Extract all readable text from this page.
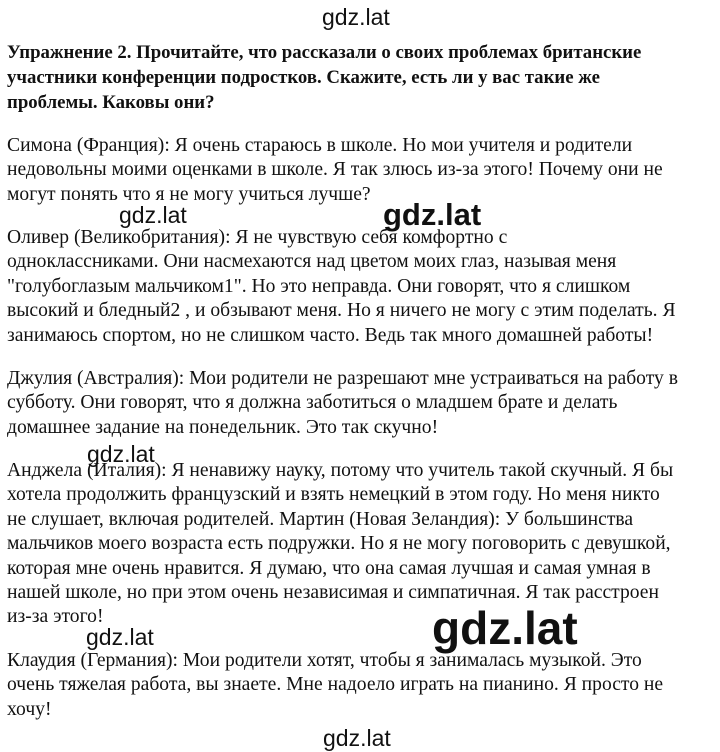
gdz.lat
gdz.lat	gdz.lat
gdz.lat
gdz.lat	gdz.lat
gdz.lat
Упражнение 2. Прочитайте, что рассказали о своих проблемах британские
участники конференции подростков. Скажите, есть ли у вас такие же
проблемы. Каковы они?
Симона (Франция): Я очень стараюсь в школе. Но мои учителя и родители
недовольны моими оценками в школе. Я так злюсь из-за этого! Почему они не
могут понять что я не могу учиться лучше?
Оливер (Великобритания): Я не чувствую себя комфортно с
одноклассниками. Они насмехаются над цветом моих глаз, называя меня
"голубоглазым мальчиком1". Но это неправда. Они говорят, что я слишком
высокий и бледный2 , и обзывают меня. Но я ничего не могу с этим поделать. Я
занимаюсь спортом, но не слишком часто. Ведь так много домашней работы!
Джулия (Австралия): Мои родители не разрешают мне устраиваться на работу в
субботу. Они говорят, что я должна заботиться о младшем брате и делать
домашнее задание на понедельник. Это так скучно!
Анджела (Италия): Я ненавижу науку, потому что учитель такой скучный. Я бы
хотела продолжить французский и взять немецкий в этом году. Но меня никто
не слушает, включая родителей. Мартин (Новая Зеландия): У большинства
мальчиков моего возраста есть подружки. Но я не могу поговорить с девушкой,
которая мне очень нравится. Я думаю, что она самая лучшая и самая умная в
нашей школе, но при этом очень независимая и симпатичная. Я так расстроен
из-за этого!
Клаудия (Германия): Мои родители хотят, чтобы я занималась музыкой. Это
очень тяжелая работа, вы знаете. Мне надоело играть на пианино. Я просто не
хочу!
